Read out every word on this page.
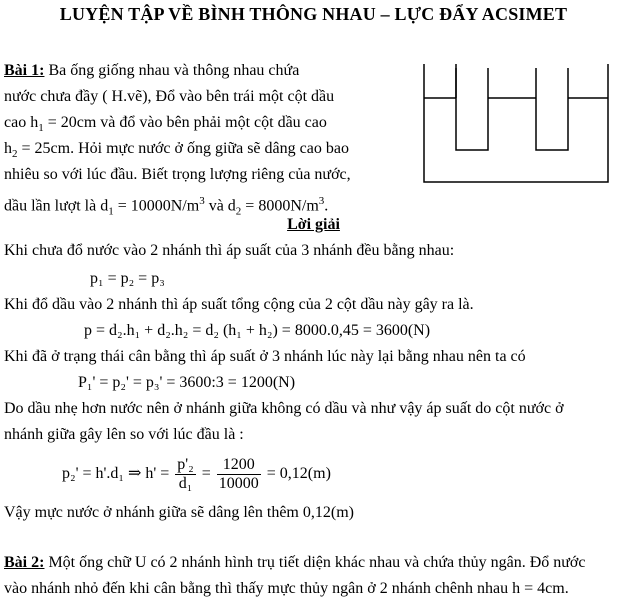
LUYỆN TẬP VỀ BÌNH THÔNG NHAU – LỰC ĐẨY ACSIMET
Bài 1: Ba ống giống nhau và thông nhau chứa
nước chưa đầy ( H.vẽ), Đổ vào bên trái một cột dầu
cao $h_1 = 20cm$ và đổ vào bên phải một cột dầu cao
$h_2 = 25cm$. Hỏi mực nước ở ống giữa sẽ dâng cao bao
nhiêu so với lúc đầu. Biết trọng lượng riêng của nước,
dầu lần lượt là $d_1 = 10000N/m^3$ và $d_2 = 8000N/m^3$.
Lời giải
Khi chưa đổ nước vào 2 nhánh thì áp suất của 3 nhánh đều bằng nhau:
p₁ = p₂ = p₃
Khi đổ dầu vào 2 nhánh thì áp suất tổng cộng của 2 cột dầu này gây ra là.
p = d₂.h₁ + d₂.h₂ = d₂ (h₁ + h₂) = 8000.0,45 = 3600(N)
Khi đã ở trạng thái cân bằng thì áp suất ở 3 nhánh lúc này lại bằng nhau nên ta có
P₁' = p₂' = p₃' = 3600:3 = 1200(N)
Do dầu nhẹ hơn nước nên ở nhánh giữa không có dầu và như vậy áp suất do cột nước ở
nhánh giữa gây lên so với lúc đầu là :
p₂' = h'.d₁ ⇒ $h' = \frac{\text{p'₂}}{\text{d₁}} = \frac{1200}{10000} = 0,12(m)$
Vậy mực nước ở nhánh giữa sẽ dâng lên thêm 0,12(m)
Bài 2: Một ống chữ U có 2 nhánh hình trụ tiết diện khác nhau và chứa thủy ngân. Đổ nước
vào nhánh nhỏ đến khi cân bằng thì thấy mực thủy ngân ở 2 nhánh chênh nhau h = 4cm.
